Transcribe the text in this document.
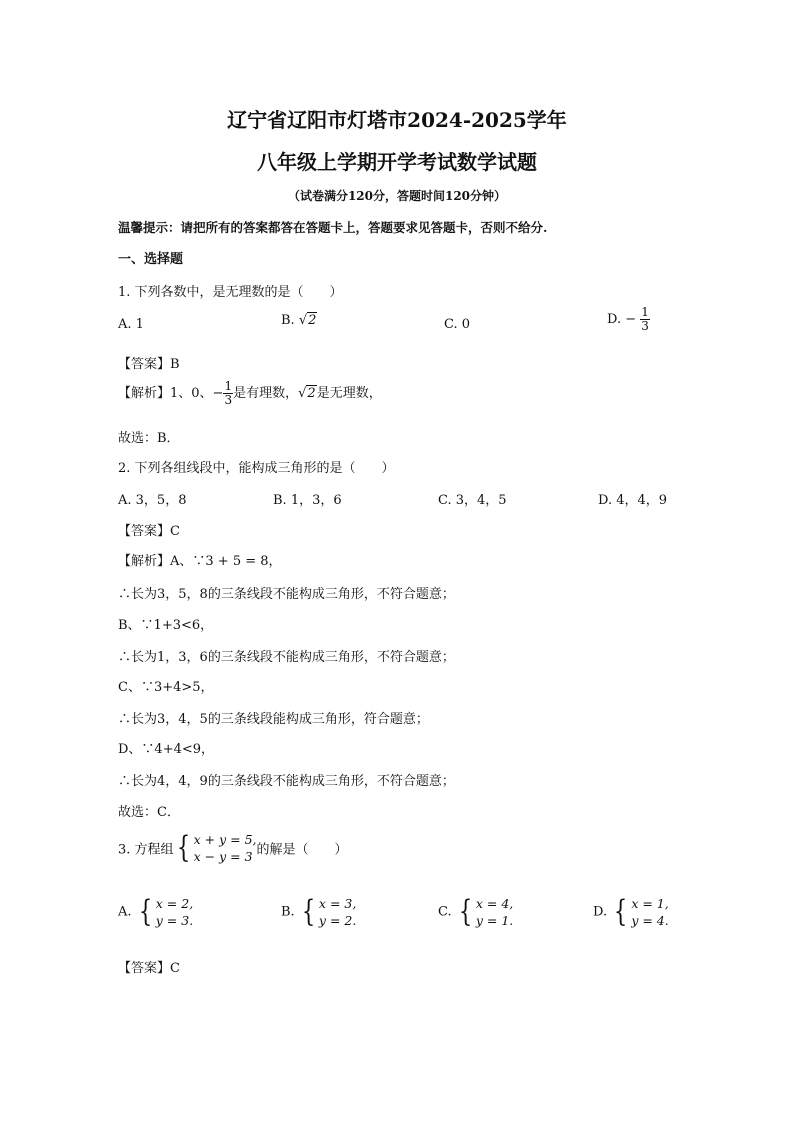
辽宁省辽阳市灯塔市2024-2025学年
八年级上学期开学考试数学试题
（试卷满分120分，答题时间120分钟）
温馨提示：请把所有的答案都答在答题卡上，答题要求见答题卡，否则不给分.
一、选择题
1. 下列各数中，是无理数的是（　　）
A. 1	B. √2	C. 0	D. − $\frac{1}{3}$
【答案】B
【解析】1、0、− $\frac{1}{3}$ 是有理数，√2是无理数，
故选：B．
2. 下列各组线段中，能构成三角形的是（　　）
A. 3，5，8	B. 1，3，6	C. 3，4，5	D. 4，4，9
【答案】C
【解析】A、∵3 + 5 = 8，
∴长为3，5，8的三条线段不能构成三角形，不符合题意；
B、∵1+3<6，
∴长为1，3，6的三条线段不能构成三角形，不符合题意；
C、∵3+4>5，
∴长为3，4，5的三条线段能构成三角形，符合题意；
D、∵4+4<9，
∴长为4，4，9的三条线段不能构成三角形，不符合题意；
故选：C．
3. 方程组 { x + y = 5,
x − y = 3 的解是（　　）
A. { x = 2,
y = 3.
B. { x = 3,
y = 2.
C. { x = 4,
y = 1.
D. { x = 1,
y = 4.
【答案】C
